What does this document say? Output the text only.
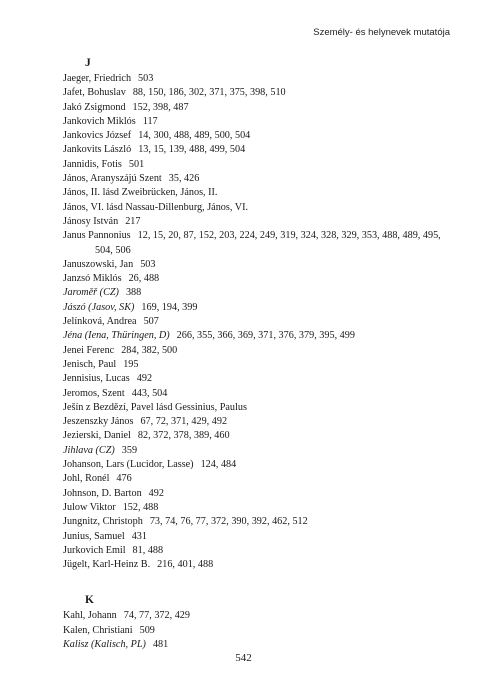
Személy- és helynevek mutatója
J
Jaeger, Friedrich 503
Jafet, Bohuslav 88, 150, 186, 302, 371, 375, 398, 510
Jakó Zsigmond 152, 398, 487
Jankovich Miklós 117
Jankovics József 14, 300, 488, 489, 500, 504
Jankovits László 13, 15, 139, 488, 499, 504
Jannidis, Fotis 501
János, Aranyszájú Szent 35, 426
János, II. lásd Zweibrücken, János, II.
János, VI. lásd Nassau-Dillenburg, János, VI.
Jánosy István 217
Janus Pannonius 12, 15, 20, 87, 152, 203, 224, 249, 319, 324, 328, 329, 353, 488, 489, 495, 504, 506
Januszowski, Jan 503
Janzsó Miklós 26, 488
Jaroměř (CZ) 388
Jászó (Jasov, SK) 169, 194, 399
Jelínková, Andrea 507
Jéna (Iena, Thüringen, D) 266, 355, 366, 369, 371, 376, 379, 395, 499
Jenei Ferenc 284, 382, 500
Jenisch, Paul 195
Jennisius, Lucas 492
Jeromos, Szent 443, 504
Ješín z Bezdězí, Pavel lásd Gessinius, Paulus
Jeszenszky János 67, 72, 371, 429, 492
Jezierski, Daniel 82, 372, 378, 389, 460
Jihlava (CZ) 359
Johanson, Lars (Lucidor, Lasse) 124, 484
Johl, Ronél 476
Johnson, D. Barton 492
Julow Viktor 152, 488
Jungnitz, Christoph 73, 74, 76, 77, 372, 390, 392, 462, 512
Junius, Samuel 431
Jurkovich Emil 81, 488
Jügelt, Karl-Heinz B. 216, 401, 488
K
Kahl, Johann 74, 77, 372, 429
Kalen, Christiani 509
Kalisz (Kalisch, PL) 481
542
